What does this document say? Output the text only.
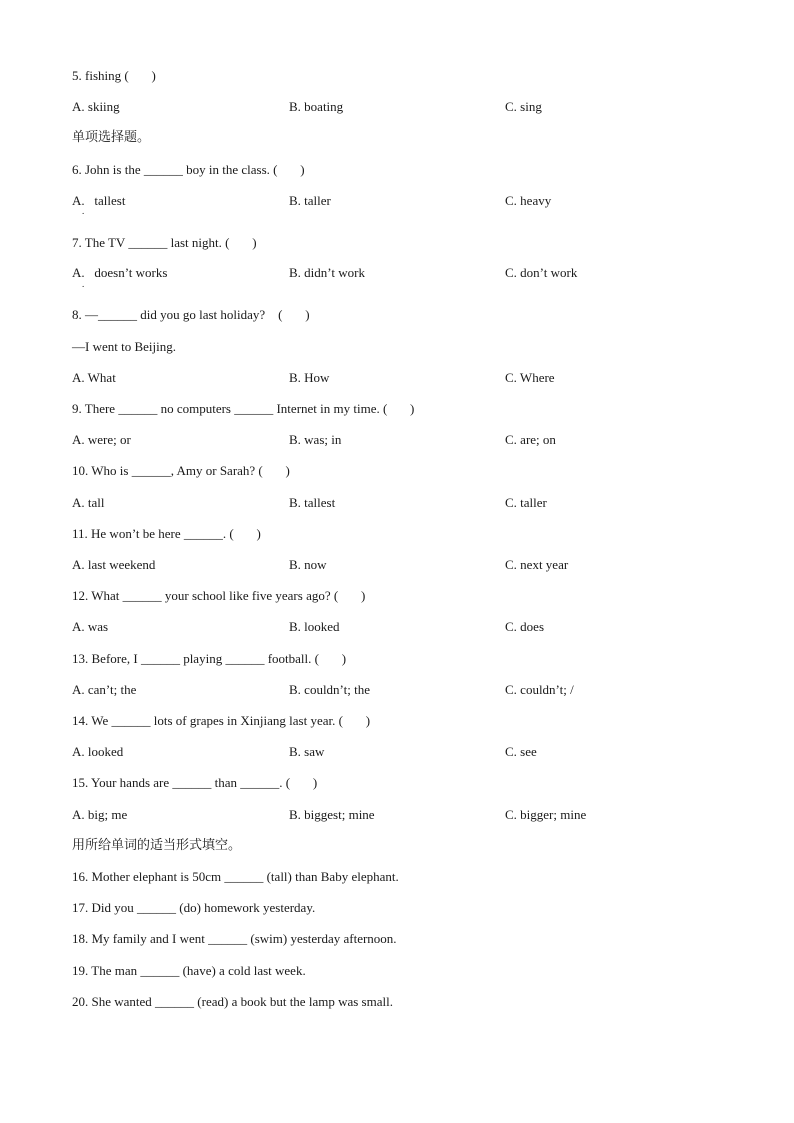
5. fishing (       )
A. skiing	B. boating	C. sing
单项选择题。
6. John is the ______ boy in the class. (       )
A.   tallest
.
B. taller	C. heavy
7. The TV ______ last night. (       )
A.   doesn’t works
.
B. didn’t work	C. don’t work
8. —______ did you go last holiday?    (       )
—I went to Beijing.
A. What	B. How	C. Where
9. There ______ no computers ______ Internet in my time. (       )
A. were; or	B. was; in	C. are; on
10. Who is ______, Amy or Sarah? (       )
A. tall	B. tallest	C. taller
11. He won’t be here ______. (       )
A. last weekend	B. now	C. next year
12. What ______ your school like five years ago? (       )
A. was	B. looked	C. does
13. Before, I ______ playing ______ football. (       )
A. can’t; the	B. couldn’t; the	C. couldn’t; /
14. We ______ lots of grapes in Xinjiang last year. (       )
A. looked	B. saw	C. see
15. Your hands are ______ than ______. (       )
A. big; me	B. biggest; mine	C. bigger; mine
用所给单词的适当形式填空。
16. Mother elephant is 50cm ______ (tall) than Baby elephant.
17. Did you ______ (do) homework yesterday.
18. My family and I went ______ (swim) yesterday afternoon.
19. The man ______ (have) a cold last week.
20. She wanted ______ (read) a book but the lamp was small.
